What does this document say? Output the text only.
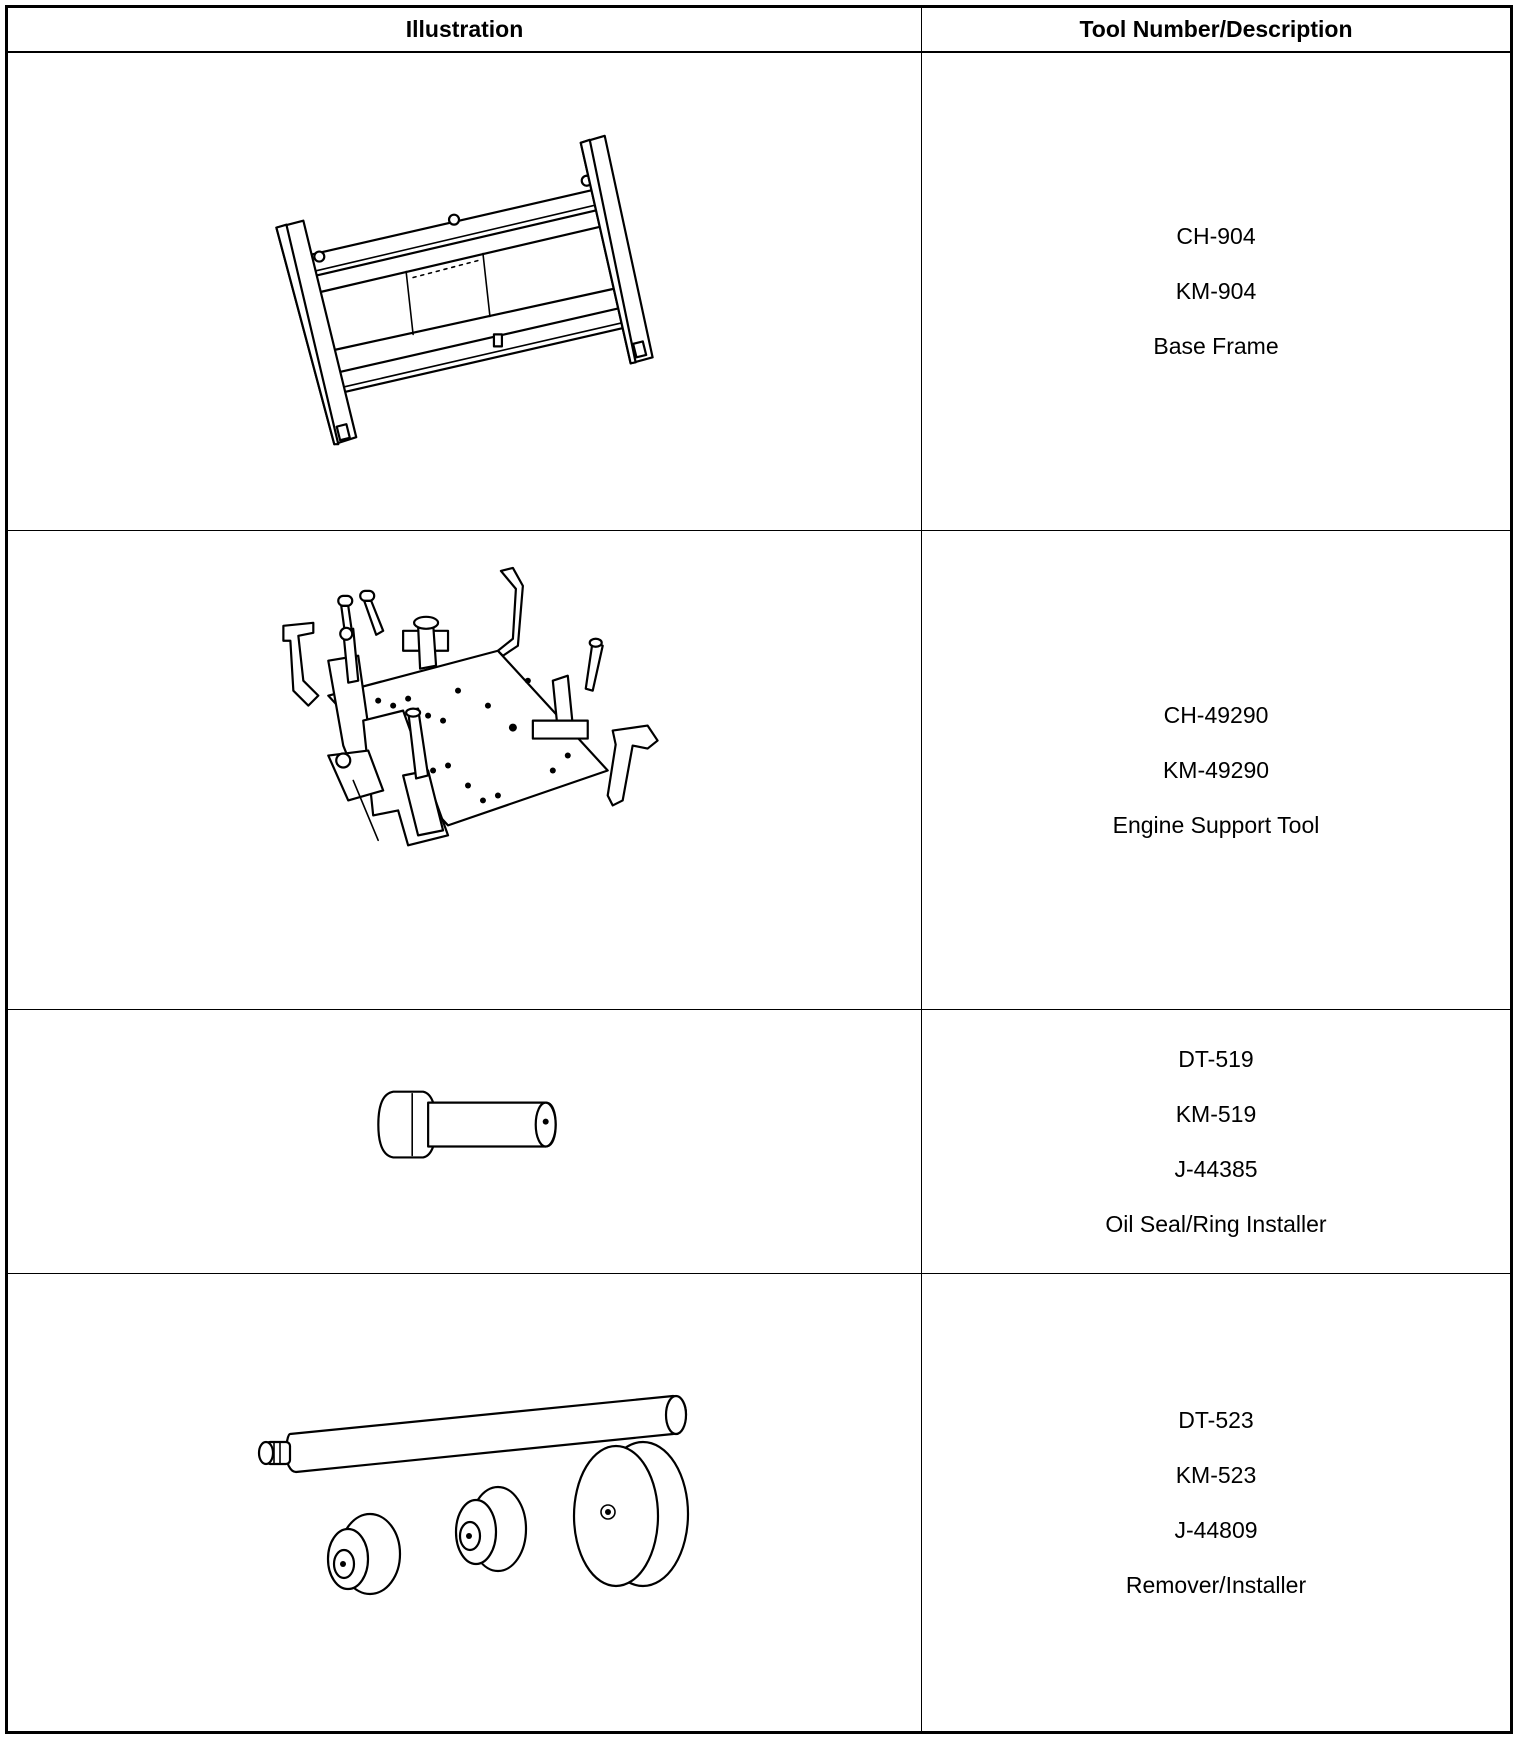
Illustration	Tool Number/Description
CH-904
KM-904
Base Frame
CH-49290
KM-49290
Engine Support Tool
DT-519
KM-519
J-44385
Oil Seal/Ring Installer
DT-523
KM-523
J-44809
Remover/Installer
